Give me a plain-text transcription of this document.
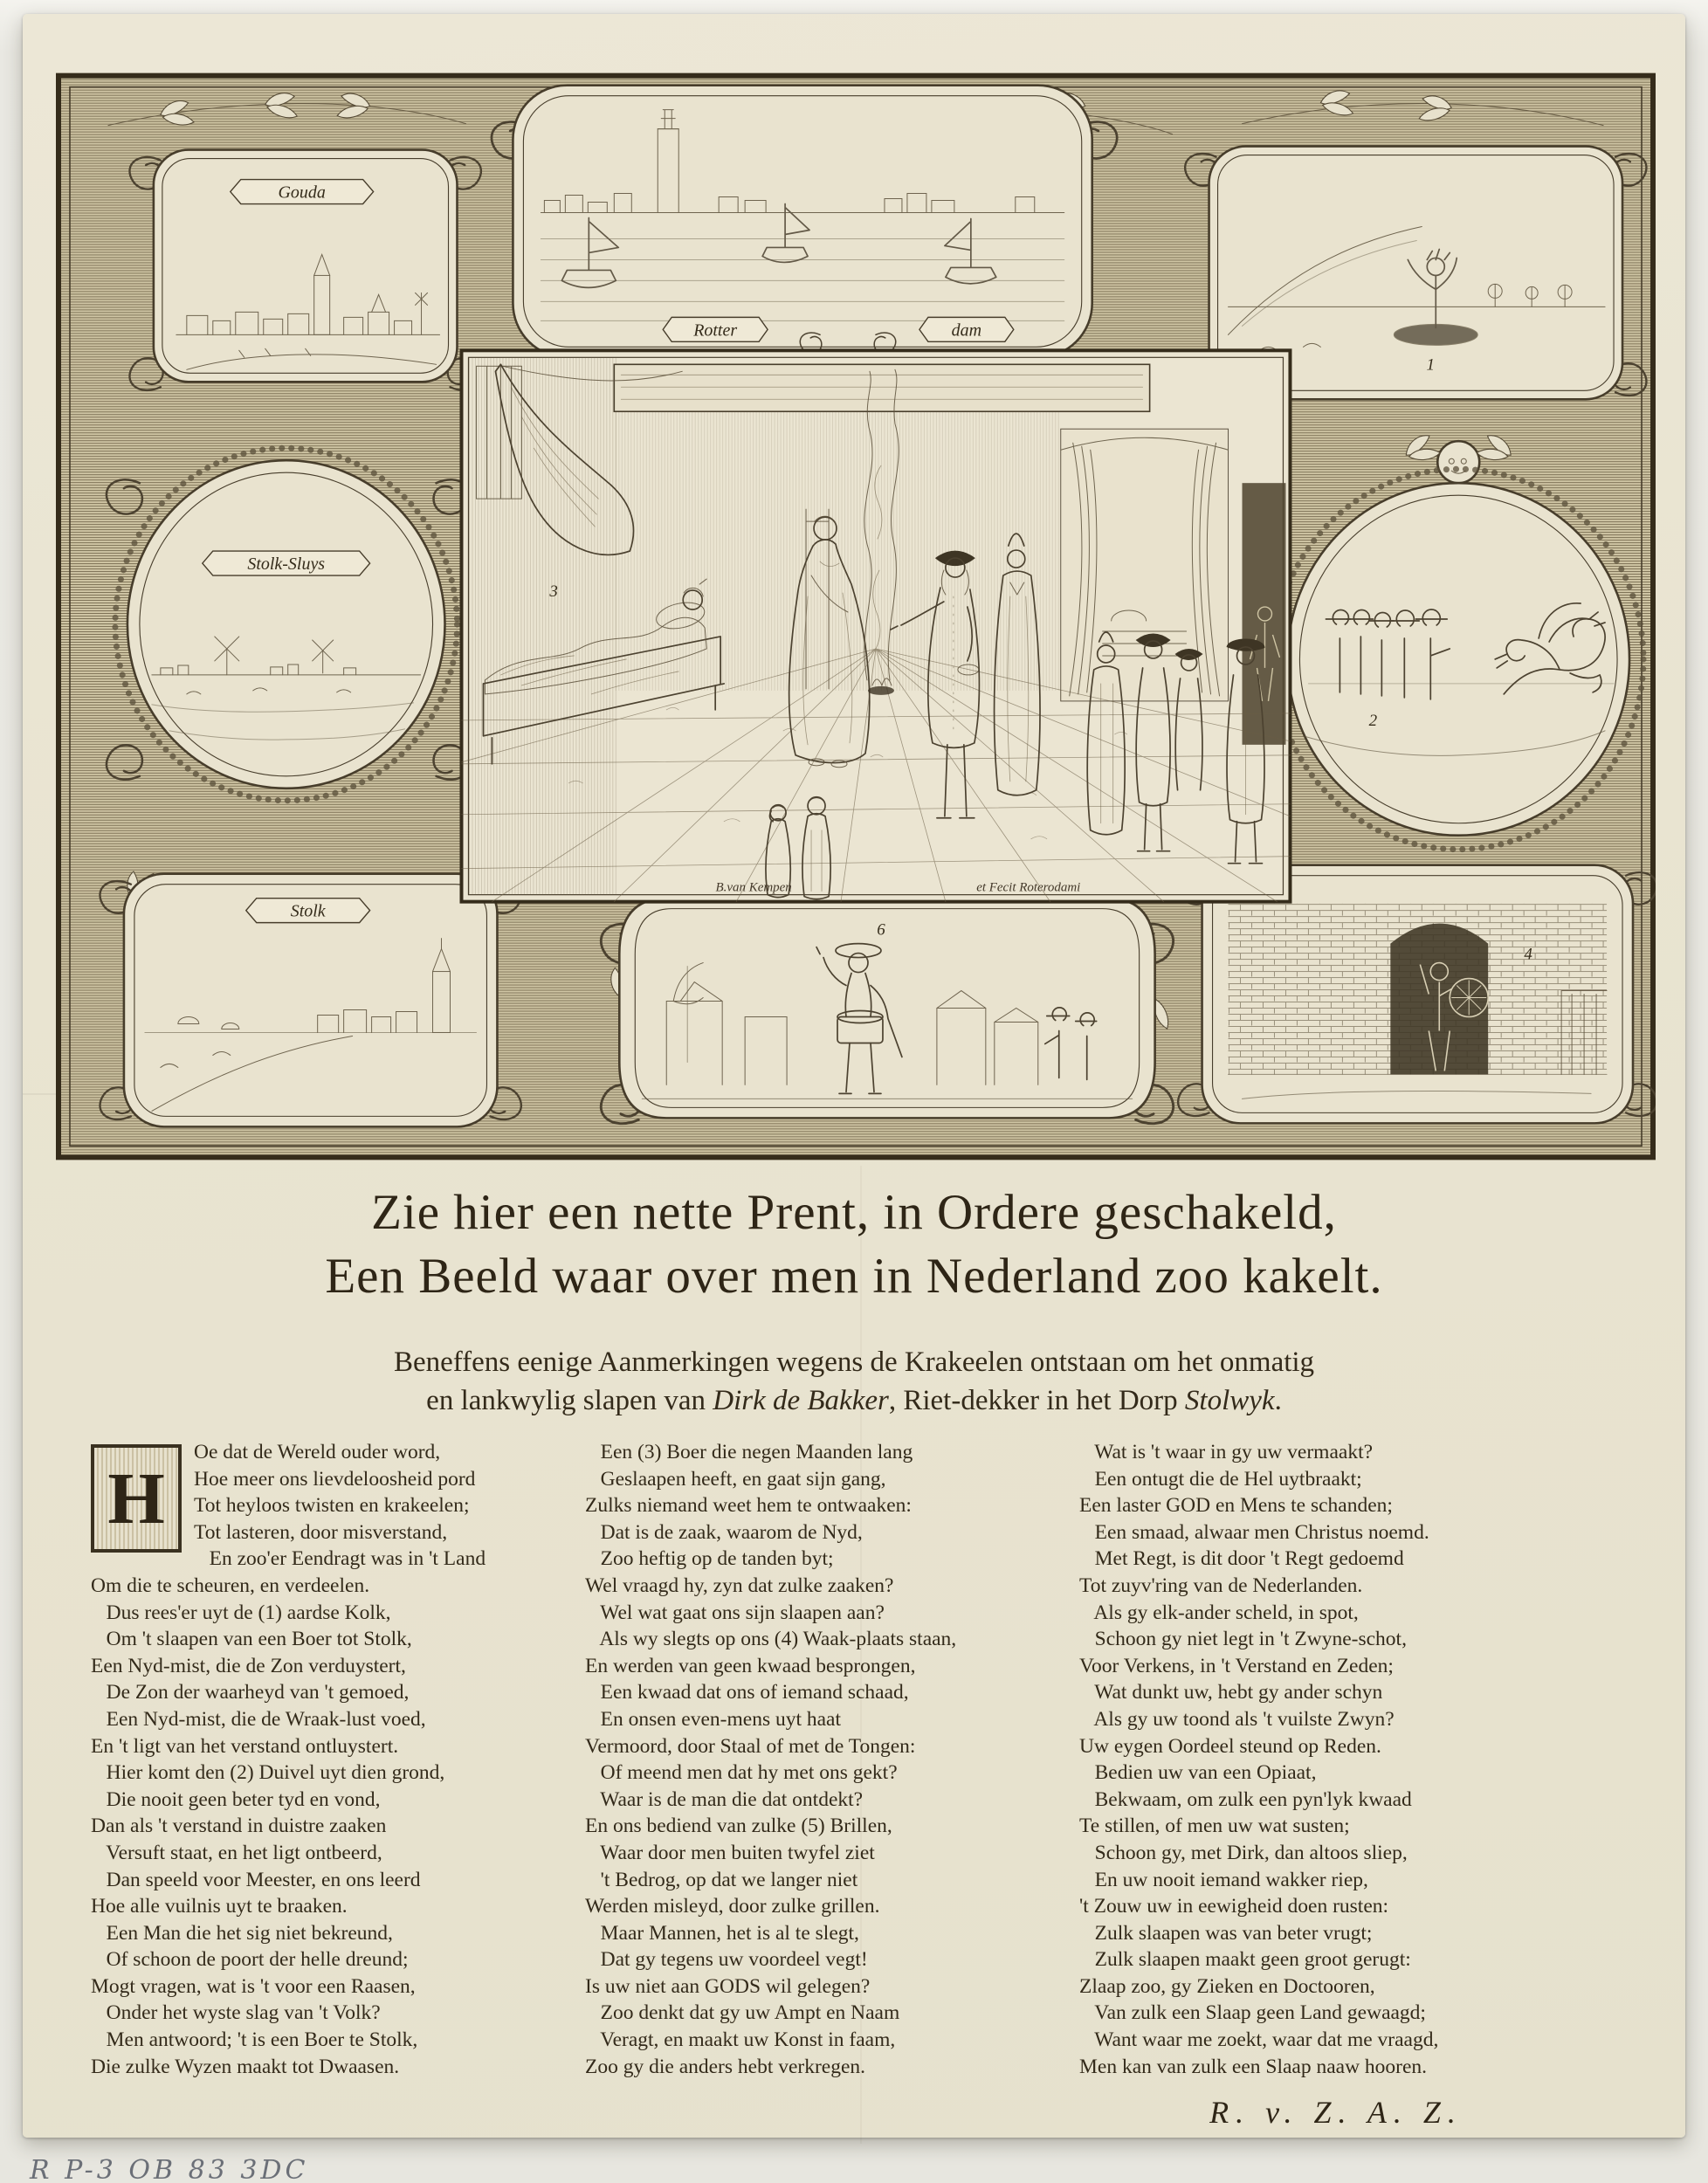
Gouda
Rotter	dam
1
Stolk-Sluys
2
Stolk
6
4
3
B.van Kempen	et Fecit Roterodami
Zie hier een nette Prent, in Ordere geschakeld,
Een Beeld waar over men in Nederland zoo kakelt.
Beneffens eenige Aanmerkingen wegens de Krakeelen ontstaan om het onmatig
en lankwylig slapen van Dirk de Bakker, Riet-dekker in het Dorp Stolwyk.
H
Oe dat de Wereld ouder word,
Hoe meer ons lievdeloosheid pord
Tot heyloos twisten en krakeelen;
Tot lasteren, door misverstand,
En zoo'er Eendragt was in 't Land
Om die te scheuren, en verdeelen.
Dus rees'er uyt de (1) aardse Kolk,
Om 't slaapen van een Boer tot Stolk,
Een Nyd-mist, die de Zon verduystert,
De Zon der waarheyd van 't gemoed,
Een Nyd-mist, die de Wraak-lust voed,
En 't ligt van het verstand ontluystert.
Hier komt den (2) Duivel uyt dien grond,
Die nooit geen beter tyd en vond,
Dan als 't verstand in duistre zaaken
Versuft staat, en het ligt ontbeerd,
Dan speeld voor Meester, en ons leerd
Hoe alle vuilnis uyt te braaken.
Een Man die het sig niet bekreund,
Of schoon de poort der helle dreund;
Mogt vragen, wat is 't voor een Raasen,
Onder het wyste slag van 't Volk?
Men antwoord; 't is een Boer te Stolk,
Die zulke Wyzen maakt tot Dwaasen.
Een (3) Boer die negen Maanden lang
Geslaapen heeft, en gaat sijn gang,
Zulks niemand weet hem te ontwaaken:
Dat is de zaak, waarom de Nyd,
Zoo heftig op de tanden byt;
Wel vraagd hy, zyn dat zulke zaaken?
Wel wat gaat ons sijn slaapen aan?
Als wy slegts op ons (4) Waak-plaats staan,
En werden van geen kwaad besprongen,
Een kwaad dat ons of iemand schaad,
En onsen even-mens uyt haat
Vermoord, door Staal of met de Tongen:
Of meend men dat hy met ons gekt?
Waar is de man die dat ontdekt?
En ons bediend van zulke (5) Brillen,
Waar door men buiten twyfel ziet
't Bedrog, op dat we langer niet
Werden misleyd, door zulke grillen.
Maar Mannen, het is al te slegt,
Dat gy tegens uw voordeel vegt!
Is uw niet aan GODS wil gelegen?
Zoo denkt dat gy uw Ampt en Naam
Veragt, en maakt uw Konst in faam,
Zoo gy die anders hebt verkregen.
Wat is 't waar in gy uw vermaakt?
Een ontugt die de Hel uytbraakt;
Een laster GOD en Mens te schanden;
Een smaad, alwaar men Christus noemd.
Met Regt, is dit door 't Regt gedoemd
Tot zuyv'ring van de Nederlanden.
Als gy elk-ander scheld, in spot,
Schoon gy niet legt in 't Zwyne-schot,
Voor Verkens, in 't Verstand en Zeden;
Wat dunkt uw, hebt gy ander schyn
Als gy uw toond als 't vuilste Zwyn?
Uw eygen Oordeel steund op Reden.
Bedien uw van een Opiaat,
Bekwaam, om zulk een pyn'lyk kwaad
Te stillen, of men uw wat susten;
Schoon gy, met Dirk, dan altoos sliep,
En uw nooit iemand wakker riep,
't Zouw uw in eewigheid doen rusten:
Zulk slaapen was van beter vrugt;
Zulk slaapen maakt geen groot gerugt:
Zlaap zoo, gy Zieken en Doctooren,
Van zulk een Slaap geen Land gewaagd;
Want waar me zoekt, waar dat me vraagd,
Men kan van zulk een Slaap naaw hooren.
R. v. Z. A. Z.
R P-3 OB 83 3DC
